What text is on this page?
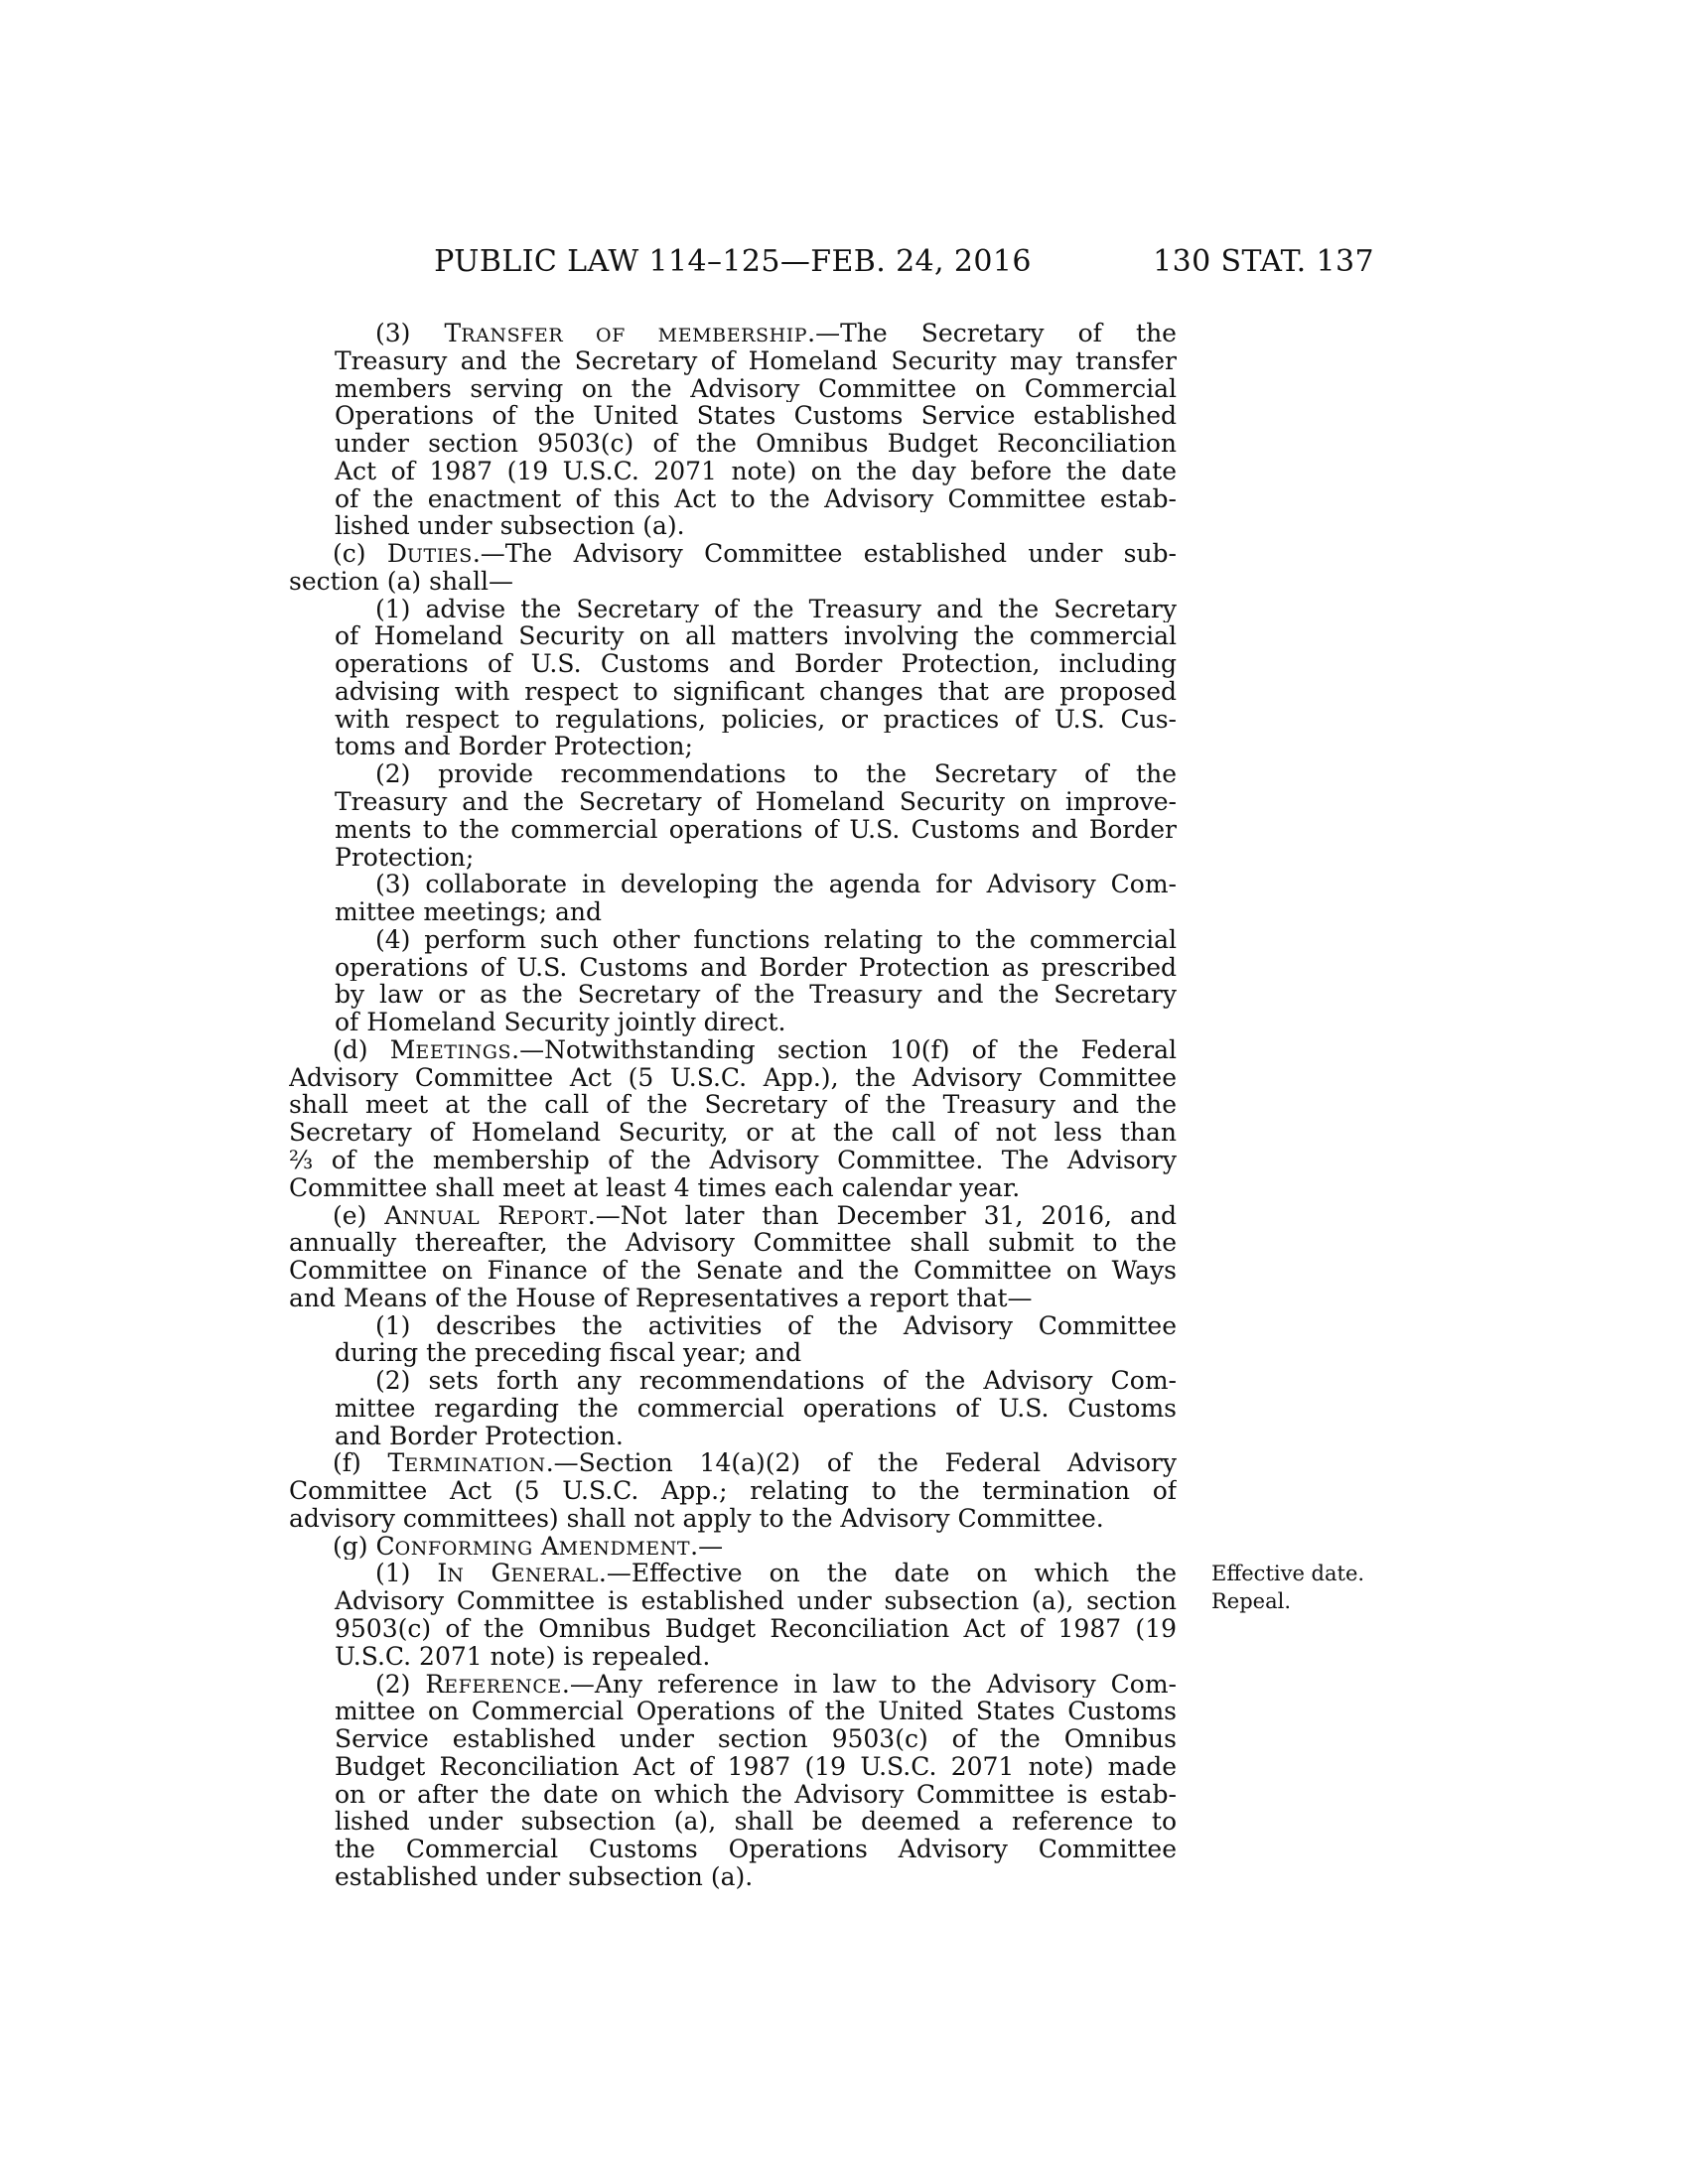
PUBLIC LAW 114–125—FEB. 24, 2016	130 STAT. 137
(3) TRANSFER OF MEMBERSHIP.—The Secretary of the
Treasury and the Secretary of Homeland Security may transfer
members serving on the Advisory Committee on Commercial
Operations of the United States Customs Service established
under section 9503(c) of the Omnibus Budget Reconciliation
Act of 1987 (19 U.S.C. 2071 note) on the day before the date
of the enactment of this Act to the Advisory Committee estab-
lished under subsection (a).
(c) DUTIES.—The Advisory Committee established under sub-
section (a) shall—
(1) advise the Secretary of the Treasury and the Secretary
of Homeland Security on all matters involving the commercial
operations of U.S. Customs and Border Protection, including
advising with respect to significant changes that are proposed
with respect to regulations, policies, or practices of U.S. Cus-
toms and Border Protection;
(2) provide recommendations to the Secretary of the
Treasury and the Secretary of Homeland Security on improve-
ments to the commercial operations of U.S. Customs and Border
Protection;
(3) collaborate in developing the agenda for Advisory Com-
mittee meetings; and
(4) perform such other functions relating to the commercial
operations of U.S. Customs and Border Protection as prescribed
by law or as the Secretary of the Treasury and the Secretary
of Homeland Security jointly direct.
(d) MEETINGS.—Notwithstanding section 10(f) of the Federal
Advisory Committee Act (5 U.S.C. App.), the Advisory Committee
shall meet at the call of the Secretary of the Treasury and the
Secretary of Homeland Security, or at the call of not less than
⅔ of the membership of the Advisory Committee. The Advisory
Committee shall meet at least 4 times each calendar year.
(e) ANNUAL REPORT.—Not later than December 31, 2016, and
annually thereafter, the Advisory Committee shall submit to the
Committee on Finance of the Senate and the Committee on Ways
and Means of the House of Representatives a report that—
(1) describes the activities of the Advisory Committee
during the preceding fiscal year; and
(2) sets forth any recommendations of the Advisory Com-
mittee regarding the commercial operations of U.S. Customs
and Border Protection.
(f) TERMINATION.—Section 14(a)(2) of the Federal Advisory
Committee Act (5 U.S.C. App.; relating to the termination of
advisory committees) shall not apply to the Advisory Committee.
(g) CONFORMING AMENDMENT.—
(1) IN GENERAL.—Effective on the date on which the
Advisory Committee is established under subsection (a), section
9503(c) of the Omnibus Budget Reconciliation Act of 1987 (19
U.S.C. 2071 note) is repealed.
(2) REFERENCE.—Any reference in law to the Advisory Com-
mittee on Commercial Operations of the United States Customs
Service established under section 9503(c) of the Omnibus
Budget Reconciliation Act of 1987 (19 U.S.C. 2071 note) made
on or after the date on which the Advisory Committee is estab-
lished under subsection (a), shall be deemed a reference to
the Commercial Customs Operations Advisory Committee
established under subsection (a).
Effective date.
Repeal.
